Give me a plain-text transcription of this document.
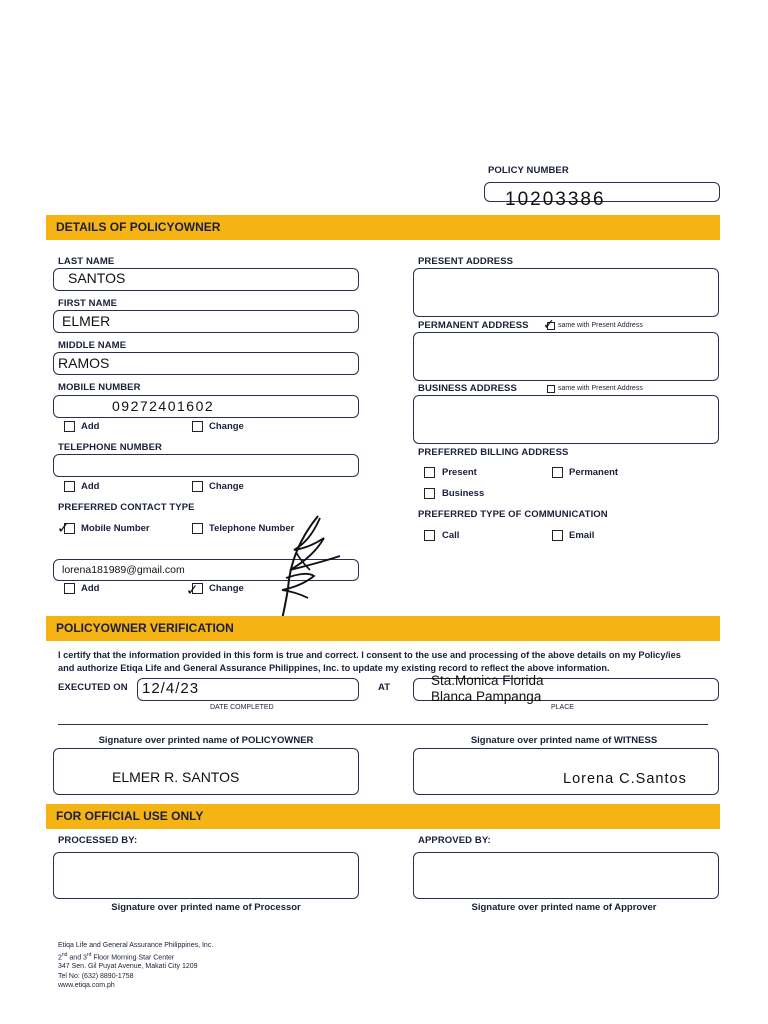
POLICY NUMBER
10203386
DETAILS OF POLICYOWNER
LAST NAME
SANTOS
FIRST NAME
ELMER
MIDDLE NAME
RAMOS
MOBILE NUMBER
09272401602
Add	Change
TELEPHONE NUMBER
Add	Change
PREFERRED CONTACT TYPE
✓ Mobile Number	Telephone Number
lorena181989@gmail.com
Add	✓ Change
PRESENT ADDRESS
PERMANENT ADDRESS ✓ same with Present Address
BUSINESS ADDRESS	same with Present Address
PREFERRED BILLING ADDRESS
Present	Permanent
Business
PREFERRED TYPE OF COMMUNICATION
Call	Email
POLICYOWNER VERIFICATION
I certify that the information provided in this form is true and correct. I consent to the use and processing of the above details on my Policy/ies
and authorize Etiqa Life and General Assurance Philippines, Inc. to update my existing record to reflect the above information.
EXECUTED ON 12/4/23
DATE COMPLETED
AT	Sta.Monica Florida
Blanca Pampanga
PLACE
Signature over printed name of POLICYOWNER
ELMER R. SANTOS
Signature over printed name of WITNESS
Lorena C.Santos
FOR OFFICIAL USE ONLY
PROCESSED BY:
Signature over printed name of Processor
APPROVED BY:
Signature over printed name of Approver
Etiqa Life and General Assurance Philippines, Inc.
2nd and 3rd Floor Morning Star Center
347 Sen. Gil Puyat Avenue, Makati City 1209
Tel No: (632) 8890-1758
www.etiqa.com.ph
